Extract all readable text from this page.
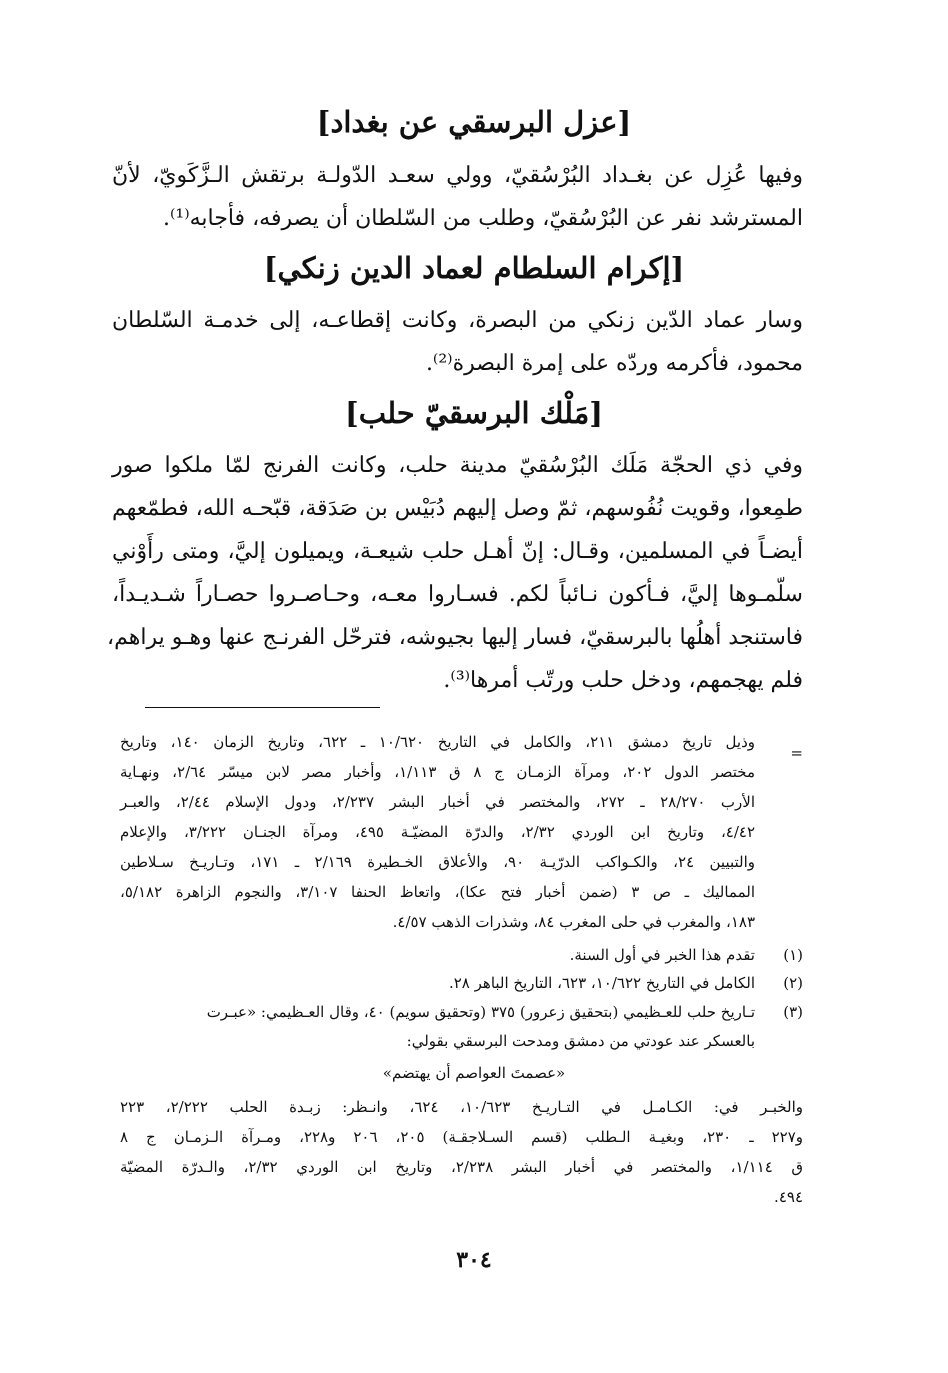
[عزل البرسقي عن بغداد]
وفيها عُزِل عن بغـداد البُرْسُقيّ، وولي سعـد الدّولـة برتقش الـزَّكَويّ، لأنّ
المسترشد نفر عن البُرْسُقيّ، وطلب من السّلطان أن يصرفه، فأجابه⁽¹⁾.
[إكرام السلطام لعماد الدين زنكي]
وسار عماد الدّين زنكي من البصرة، وكانت إقطاعـه، إلى خدمـة السّلطان
محمود، فأكرمه وردّه على إمرة البصرة⁽²⁾.
[مَلْك البرسقيّ حلب]
وفي ذي الحجّة مَلَك البُرْسُقيّ مدينة حلب، وكانت الفرنج لمّا ملكوا صور
طمِعوا، وقويت نُفُوسهم، ثمّ وصل إليهم دُبَيْس بن صَدَقة، قبّحـه الله، فطمّعهم
أيضـاً في المسلمين، وقـال: إنّ أهـل حلب شيعـة، ويميلون إليَّ، ومتى رأَوْني
سلّمـوها إليَّ، فـأكون نـائباً لكم. فسـاروا معـه، وحـاصـروا حصـاراً شـديـداً،
فاستنجد أهلُها بالبرسقيّ، فسار إليها بجيوشه، فترحّل الفرنـج عنها وهـو يراهم،
فلم يهجمهم، ودخل حلب ورتّب أمرها⁽³⁾.
=
وذيل تاريخ دمشق ٢١١، والكامل في التاريخ ١٠/٦٢٠ ـ ٦٢٢، وتاريخ الزمان ١٤٠، وتاريخ
مختصر الدول ٢٠٢، ومرآة الزمـان ج ٨ ق ١/١١٣، وأخبار مصر لابن ميسّر ٢/٦٤، ونهـاية
الأرب ٢٨/٢٧٠ ـ ٢٧٢، والمختصر في أخبار البشر ٢/٢٣٧، ودول الإسلام ٢/٤٤، والعبـر
٤/٤٢، وتاريخ ابن الوردي ٢/٣٢، والدرّة المضيّـة ٤٩٥، ومرآة الجنـان ٣/٢٢٢، والإعلام
والتبيين ٢٤، والكـواكب الدرّيـة ٩٠، والأعلاق الخـطيرة ٢/١٦٩ ـ ١٧١، وتـاريـخ سـلاطين
المماليك ـ ص ٣ (ضمن أخبار فتح عكا)، واتعاظ الحنفا ٣/١٠٧، والنجوم الزاهرة ٥/١٨٢،
١٨٣، والمغرب في حلى المغرب ٨٤، وشذرات الذهب ٤/٥٧.
(١)
تقدم هذا الخبر في أول السنة.
(٢)
الكامل في التاريخ ١٠/٦٢٢، ٦٢٣، التاريخ الباهر ٢٨.
(٣)
تـاريخ حلب للعـظيمي (بتحقيق زعرور) ٣٧٥ (وتحقيق سويم) ٤٠، وقال العـظيمي: «عبـرت
بالعسكر عند عودتي من دمشق ومدحت البرسقي بقولي:
«عصمتَ العواصم أن يهتضم»
والخبـر في: الكـامـل في التـاريـخ ١٠/٦٢٣، ٦٢٤، وانـظر: زبـدة الحلب ٢/٢٢٢، ٢٢٣
و٢٢٧ ـ ٢٣٠، وبغيـة الـطلب (قسم السـلاجقـة) ٢٠٥، ٢٠٦ و٢٢٨، ومـرآة الـزمـان ج ٨
ق ١/١١٤، والمختصر في أخبار البشر ٢/٢٣٨، وتاريخ ابن الوردي ٢/٣٢، والـدرّة المضيّة
٤٩٤.
٣٠٤
